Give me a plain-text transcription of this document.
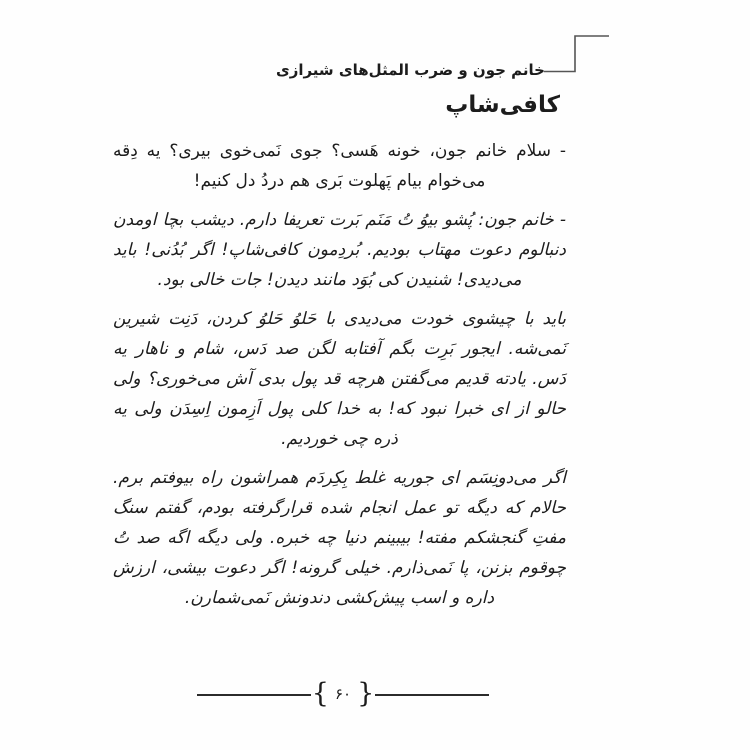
خانم جون و ضرب المثل‌های شیرازی
کافی‌شاپ

- سلام خانم جون، خونه هَسی؟ جوی نَمی‌خوی بیری؟ یه دِقه می‌خوام بیام پَهلوت بَری هم دردُ دل کنیم!

- خانم جون: پُشو بیوُ تُ مَنَم بَرت تعریفا دارم. دیشب بچا اومدن دنبالوم دعوت مهتاب بودیم. بُردِمون کافی‌شاپ! اگر بُدُنی! باید می‌دیدی! شنیدن کی بُوَد مانند دیدن! جات خالی بود.

باید با چیشوی خودت می‌دیدی با حَلوُ حَلوُ کردن، دَنِت شیرین نَمی‌شه. ایجور بَرِت بگم آفتابه لگن صد دَس، شام و ناهار یه دَس. یادته قدیم می‌گفتن هرچه قد پول بدی آش می‌خوری؟ ولی حالو از ای خبرا نبود که! به خدا کلی پول اَزِمون اِسِدَن ولی یه ذره چی خوردیم.

اگر می‌دونِسَم ای جوریه غلط بِکِردَم همراشون راه بیوفتم برم. حالام که دیگه تو عمل انجام شده قرارگرفته بودم، گفتم سنگ مفتِ گنجشکم مفته! بیبینم دنیا چه خبره. ولی دیگه اگه صد تُ چوقوم بزنن، پا نَمی‌ذارم. خیلی گرونه! اگر دعوت بیشی، ارزش داره و اسب پیش‌کشی دندونش نَمی‌شمارن.

{ ۶۰ }
